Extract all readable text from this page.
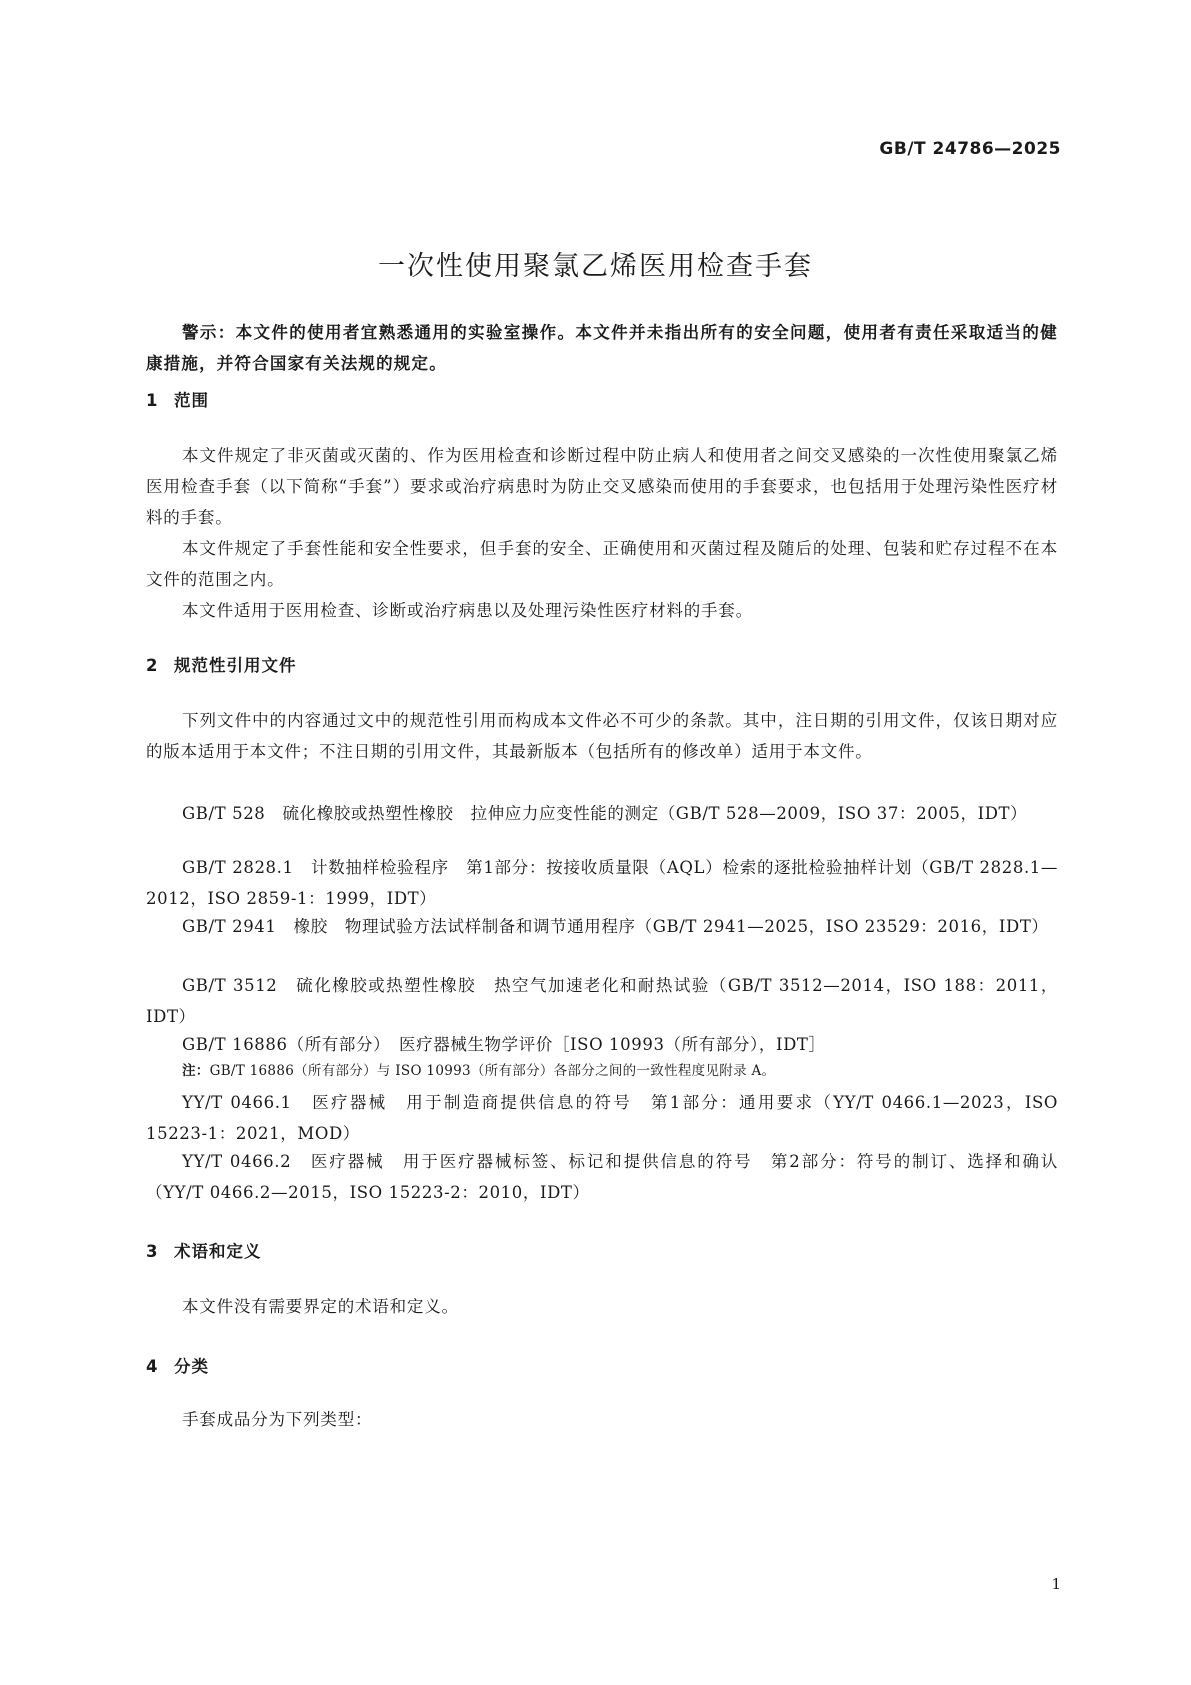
GB/T 24786—2025
一次性使用聚氯乙烯医用检查手套
警示：本文件的使用者宜熟悉通用的实验室操作。本文件并未指出所有的安全问题，使用者有责任采取适当的健康措施，并符合国家有关法规的规定。
1 范围
本文件规定了非灭菌或灭菌的、作为医用检查和诊断过程中防止病人和使用者之间交叉感染的一次性使用聚氯乙烯医用检查手套（以下简称“手套”）要求或治疗病患时为防止交叉感染而使用的手套要求，也包括用于处理污染性医疗材料的手套。
本文件规定了手套性能和安全性要求，但手套的安全、正确使用和灭菌过程及随后的处理、包装和贮存过程不在本文件的范围之内。
本文件适用于医用检查、诊断或治疗病患以及处理污染性医疗材料的手套。
2 规范性引用文件
下列文件中的内容通过文中的规范性引用而构成本文件必不可少的条款。其中，注日期的引用文件，仅该日期对应的版本适用于本文件；不注日期的引用文件，其最新版本（包括所有的修改单）适用于本文件。
GB/T 528　硫化橡胶或热塑性橡胶　拉伸应力应变性能的测定（GB/T 528—2009，ISO 37：2005，IDT）
GB/T 2828.1　计数抽样检验程序　第1部分：按接收质量限（AQL）检索的逐批检验抽样计划（GB/T 2828.1—2012，ISO 2859-1：1999，IDT）
GB/T 2941　橡胶　物理试验方法试样制备和调节通用程序（GB/T 2941—2025，ISO 23529：2016，IDT）
GB/T 3512　硫化橡胶或热塑性橡胶　热空气加速老化和耐热试验（GB/T 3512—2014，ISO 188：2011，IDT）
GB/T 16886（所有部分）　医疗器械生物学评价［ISO 10993（所有部分），IDT］
注：GB/T 16886（所有部分）与 ISO 10993（所有部分）各部分之间的一致性程度见附录 A。
YY/T 0466.1　医疗器械　用于制造商提供信息的符号　第1部分：通用要求（YY/T 0466.1—2023，ISO 15223-1：2021，MOD）
YY/T 0466.2　医疗器械　用于医疗器械标签、标记和提供信息的符号　第2部分：符号的制订、选择和确认（YY/T 0466.2—2015，ISO 15223-2：2010，IDT）
3 术语和定义
本文件没有需要界定的术语和定义。
4 分类
手套成品分为下列类型：
1
